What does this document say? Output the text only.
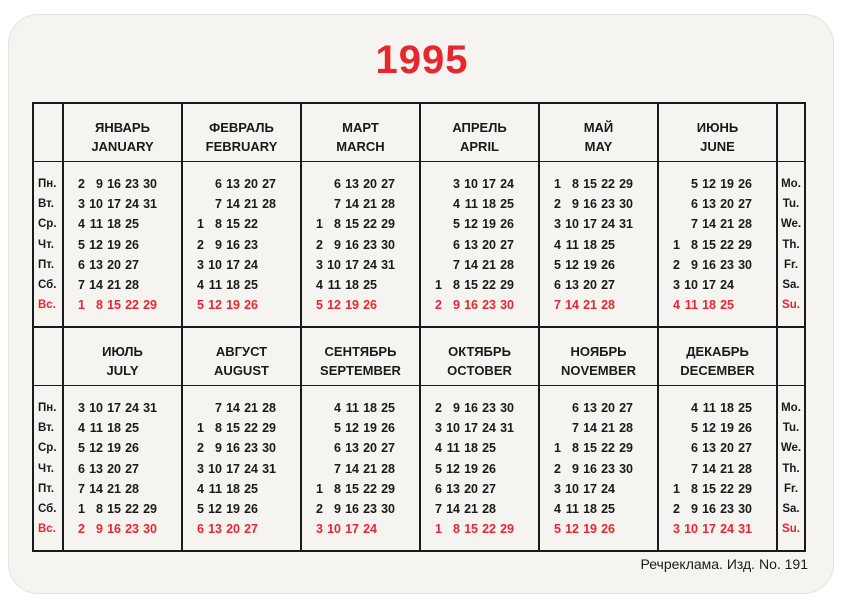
1995
Пн.
Вт.
Ср.
Чт.
Пт.
Сб.
Вс.
ЯНВАРЬ
JANUARY
2 9 16 23 30
3 10 17 24 31
4 11 18 25
5 12 19 26
6 13 20 27
7 14 21 28
1 8 15 22 29
ФЕВРАЛЬ
FEBRUARY
6 13 20 27
7 14 21 28
1 8 15 22
2 9 16 23
3 10 17 24
4 11 18 25
5 12 19 26
МАРТ
MARCH
6 13 20 27
7 14 21 28
1 8 15 22 29
2 9 16 23 30
3 10 17 24 31
4 11 18 25
5 12 19 26
АПРЕЛЬ
APRIL
3 10 17 24
4 11 18 25
5 12 19 26
6 13 20 27
7 14 21 28
1 8 15 22 29
2 9 16 23 30
МАЙ
MAY
1 8 15 22 29
2 9 16 23 30
3 10 17 24 31
4 11 18 25
5 12 19 26
6 13 20 27
7 14 21 28
ИЮНЬ
JUNE
5 12 19 26
6 13 20 27
7 14 21 28
1 8 15 22 29
2 9 16 23 30
3 10 17 24
4 11 18 25
Mo.
Tu.
We.
Th.
Fr.
Sa.
Su.
Пн.
Вт.
Ср.
Чт.
Пт.
Сб.
Вс.
ИЮЛЬ
JULY
3 10 17 24 31
4 11 18 25
5 12 19 26
6 13 20 27
7 14 21 28
1 8 15 22 29
2 9 16 23 30
АВГУСТ
AUGUST
7 14 21 28
1 8 15 22 29
2 9 16 23 30
3 10 17 24 31
4 11 18 25
5 12 19 26
6 13 20 27
СЕНТЯБРЬ
SEPTEMBER
4 11 18 25
5 12 19 26
6 13 20 27
7 14 21 28
1 8 15 22 29
2 9 16 23 30
3 10 17 24
ОКТЯБРЬ
OCTOBER
2 9 16 23 30
3 10 17 24 31
4 11 18 25
5 12 19 26
6 13 20 27
7 14 21 28
1 8 15 22 29
НОЯБРЬ
NOVEMBER
6 13 20 27
7 14 21 28
1 8 15 22 29
2 9 16 23 30
3 10 17 24
4 11 18 25
5 12 19 26
ДЕКАБРЬ
DECEMBER
4 11 18 25
5 12 19 26
6 13 20 27
7 14 21 28
1 8 15 22 29
2 9 16 23 30
3 10 17 24 31
Mo.
Tu.
We.
Th.
Fr.
Sa.
Su.
Речреклама. Изд. No. 191
